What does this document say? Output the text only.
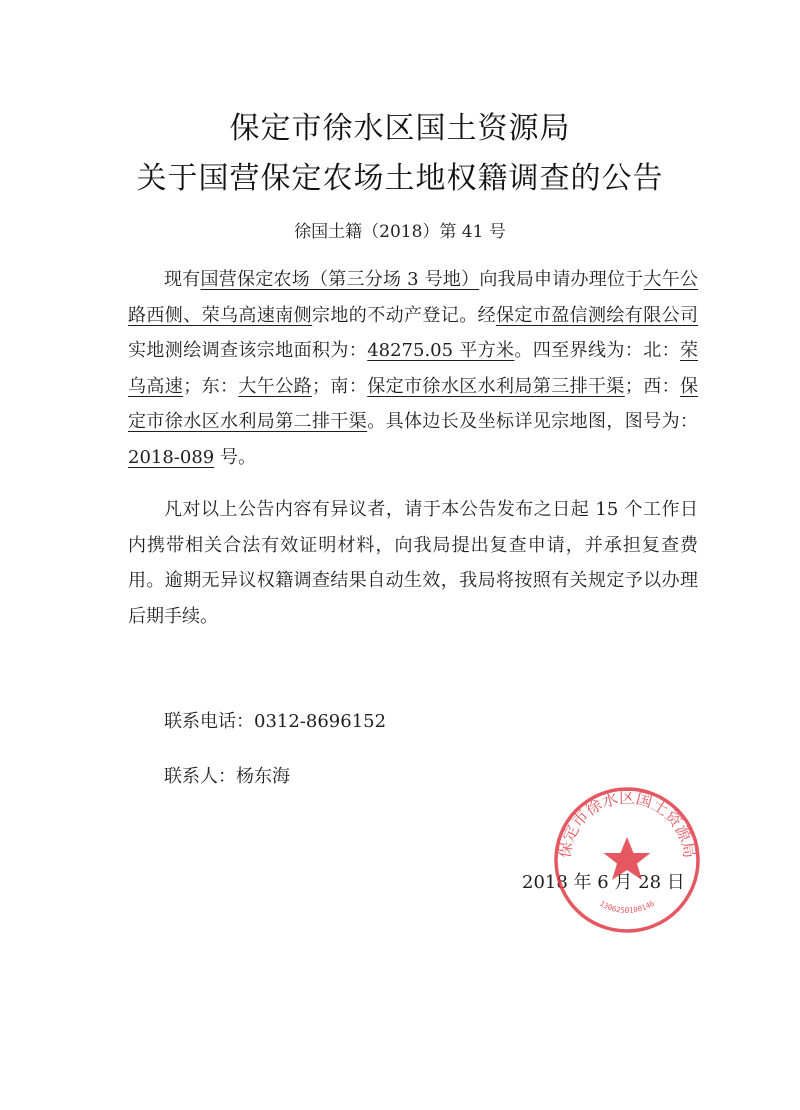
保定市徐水区国土资源局
关于国营保定农场土地权籍调查的公告
徐国土籍（2018）第 41 号

现有国营保定农场（第三分场 3 号地）向我局申请办理位于大午公路西侧、荣乌高速南侧宗地的不动产登记。经保定市盈信测绘有限公司实地测绘调查该宗地面积为：48275.05 平方米。四至界线为：北：荣乌高速；东：大午公路；南：保定市徐水区水利局第三排干渠；西：保定市徐水区水利局第二排干渠。具体边长及坐标详见宗地图，图号为：2018-089 号。

凡对以上公告内容有异议者，请于本公告发布之日起 15 个工作日内携带相关合法有效证明材料，向我局提出复查申请，并承担复查费用。逾期无异议权籍调查结果自动生效，我局将按照有关规定予以办理后期手续。

联系电话：0312-8696152
联系人：杨东海
2018 年 6 月 28 日
保定市徐水区国土资源局
1306250100146
